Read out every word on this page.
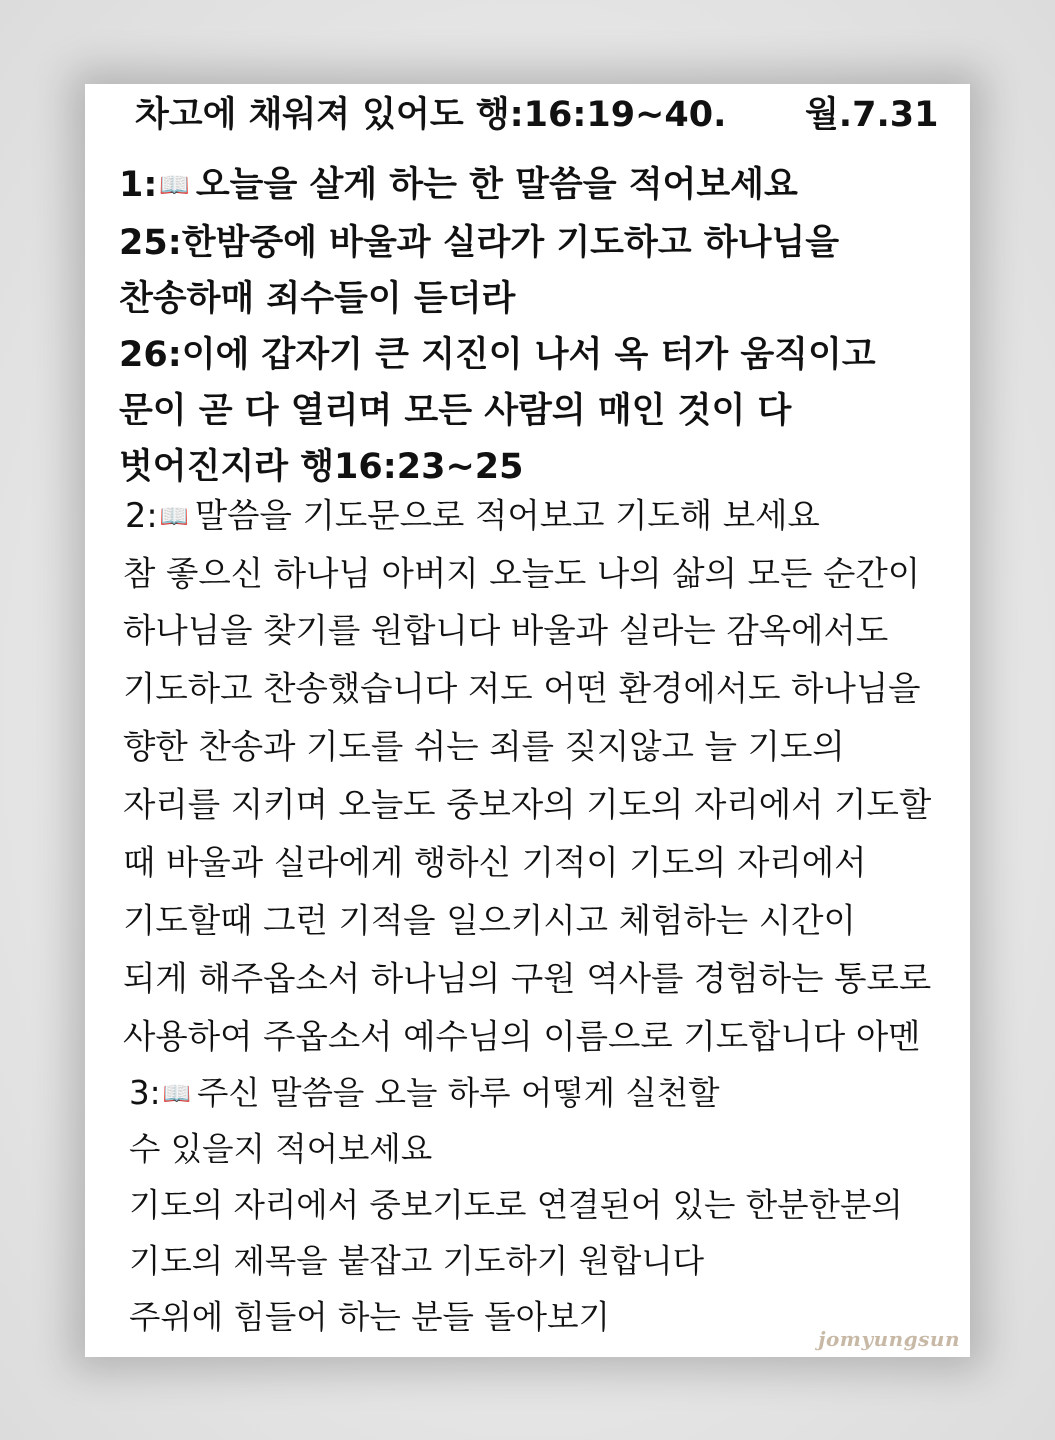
차고에 채워져 있어도 행:16:19~40. 월.7.31
1:📖 오늘을 살게 하는 한 말씀을 적어보세요
25:한밤중에 바울과 실라가 기도하고 하나님을
찬송하매 죄수들이 듣더라
26:이에 갑자기 큰 지진이 나서 옥 터가 움직이고
문이 곧 다 열리며 모든 사람의 매인 것이 다
벗어진지라 행16:23~25
2:📖 말씀을 기도문으로 적어보고 기도해 보세요
참 좋으신 하나님 아버지 오늘도 나의 삶의 모든 순간이
하나님을 찾기를 원합니다 바울과 실라는 감옥에서도
기도하고 찬송했습니다 저도 어떤 환경에서도 하나님을
향한 찬송과 기도를 쉬는 죄를 짖지않고 늘 기도의
자리를 지키며 오늘도 중보자의 기도의 자리에서 기도할
때 바울과 실라에게 행하신 기적이 기도의 자리에서
기도할때 그런 기적을 일으키시고 체험하는 시간이
되게 해주옵소서 하나님의 구원 역사를 경험하는 통로로
사용하여 주옵소서 예수님의 이름으로 기도합니다 아멘
3:📖 주신 말씀을 오늘 하루 어떻게 실천할
수 있을지 적어보세요
기도의 자리에서 중보기도로 연결된어 있는 한분한분의
기도의 제목을 붙잡고 기도하기 원합니다
주위에 힘들어 하는 분들 돌아보기
jomyungsun
